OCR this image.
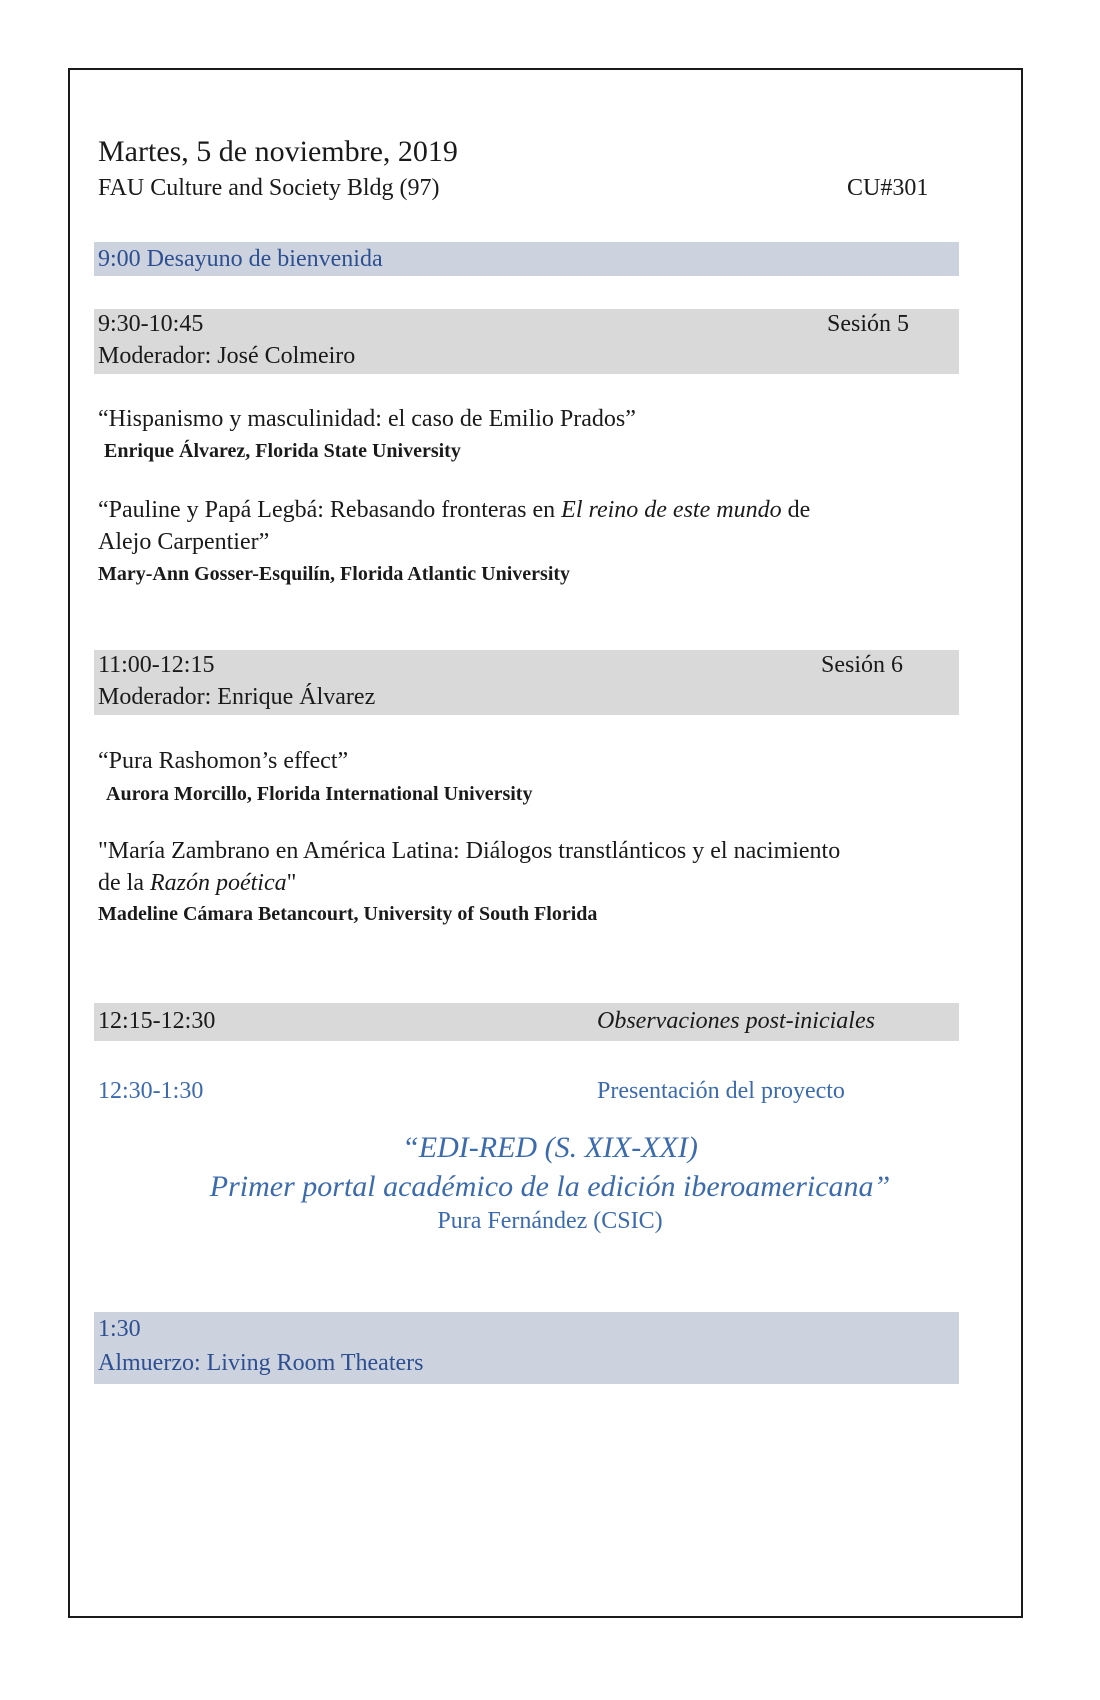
Martes, 5 de noviembre, 2019
FAU Culture and Society Bldg (97)	CU#301
9:00 Desayuno de bienvenida
9:30-10:45	Sesión 5
Moderador: José Colmeiro
“Hispanismo y masculinidad: el caso de Emilio Prados”
Enrique Álvarez, Florida State University
“Pauline y Papá Legbá: Rebasando fronteras en El reino de este mundo de
Alejo Carpentier”
Mary-Ann Gosser-Esquilín, Florida Atlantic University
11:00-12:15	Sesión 6
Moderador: Enrique Álvarez
“Pura Rashomon’s effect”
Aurora Morcillo, Florida International University
"María Zambrano en América Latina: Diálogos transtlánticos y el nacimiento
de la Razón poética"
Madeline Cámara Betancourt, University of South Florida
12:15-12:30	Observaciones post-iniciales
12:30-1:30	Presentación del proyecto
“EDI-RED (S. XIX-XXI)
Primer portal académico de la edición iberoamericana”
Pura Fernández (CSIC)
1:30
Almuerzo: Living Room Theaters
